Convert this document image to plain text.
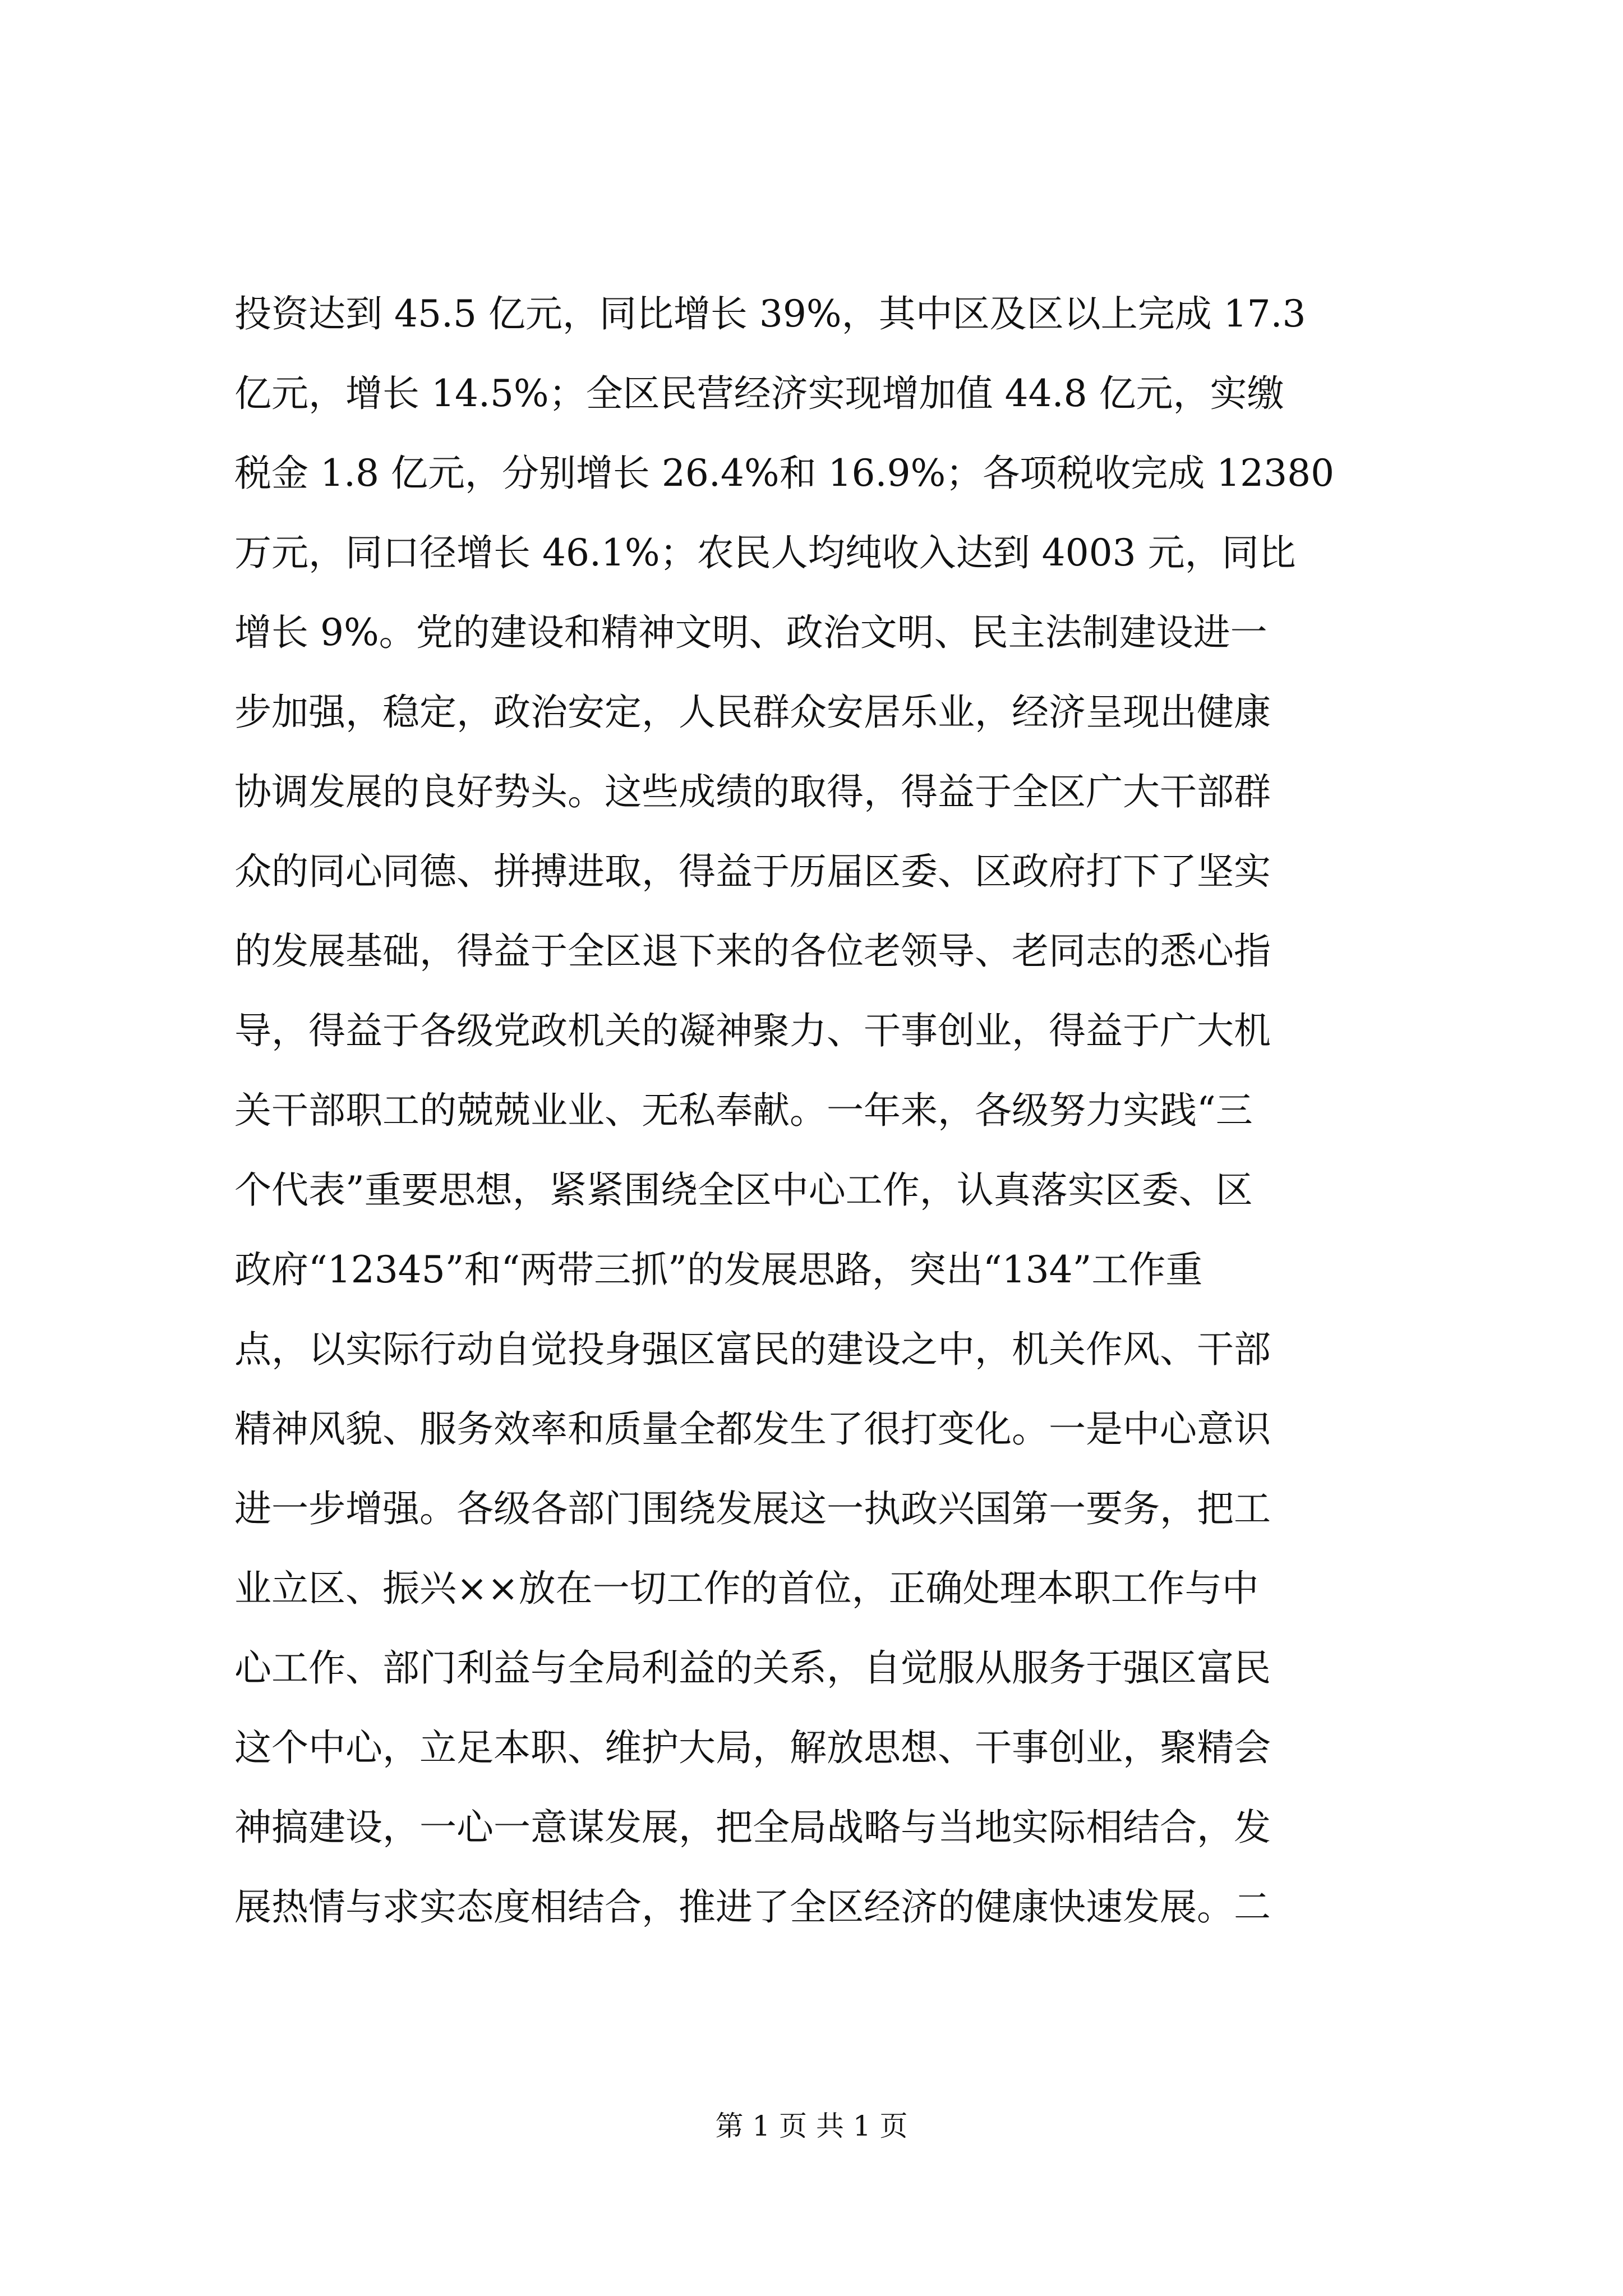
投资达到 45.5 亿元，同比增长 39%，其中区及区以上完成 17.3
亿元，增长 14.5%；全区民营经济实现增加值 44.8 亿元，实缴
税金 1.8 亿元，分别增长 26.4%和 16.9%；各项税收完成 12380
万元，同口径增长 46.1%；农民人均纯收入达到 4003 元，同比
增长 9%。党的建设和精神文明、政治文明、民主法制建设进一
步加强，稳定，政治安定，人民群众安居乐业，经济呈现出健康
协调发展的良好势头。这些成绩的取得，得益于全区广大干部群
众的同心同德、拼搏进取，得益于历届区委、区政府打下了坚实
的发展基础，得益于全区退下来的各位老领导、老同志的悉心指
导，得益于各级党政机关的凝神聚力、干事创业，得益于广大机
关干部职工的兢兢业业、无私奉献。一年来，各级努力实践“三
个代表”重要思想，紧紧围绕全区中心工作，认真落实区委、区
政府“12345”和“两带三抓”的发展思路，突出“134”工作重
点，以实际行动自觉投身强区富民的建设之中，机关作风、干部
精神风貌、服务效率和质量全都发生了很打变化。一是中心意识
进一步增强。各级各部门围绕发展这一执政兴国第一要务，把工
业立区、振兴××放在一切工作的首位，正确处理本职工作与中
心工作、部门利益与全局利益的关系，自觉服从服务于强区富民
这个中心，立足本职、维护大局，解放思想、干事创业，聚精会
神搞建设，一心一意谋发展，把全局战略与当地实际相结合，发
展热情与求实态度相结合，推进了全区经济的健康快速发展。二
第 1 页 共 1 页
